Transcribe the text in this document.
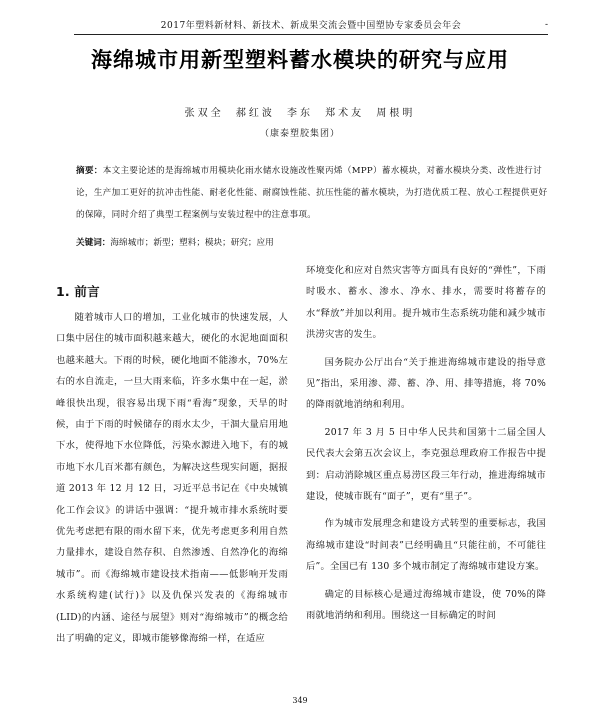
2017年塑料新材料、新技术、新成果交流会暨中国塑协专家委员会年会	-
海绵城市用新型塑料蓄水模块的研究与应用
张双全 郝红波 李东 郑术友 周根明
（康泰塑胶集团）
摘要：本文主要论述的是海绵城市用模块化雨水储水设施改性聚丙烯（MPP）蓄水模块，对蓄水模块分类、改性进行讨论，生产加工更好的抗冲击性能、耐老化性能、耐腐蚀性能、抗压性能的蓄水模块，为打造优质工程、放心工程提供更好的保障，同时介绍了典型工程案例与安装过程中的注意事项。
关键词：海绵城市；新型；塑料；模块；研究；应用
1. 前言

随着城市人口的增加，工业化城市的快速发展，人口集中居住的城市面积越来越大，硬化的水泥地面面积也越来越大。下雨的时候，硬化地面不能渗水，70%左右的水自流走，一旦大雨来临，许多水集中在一起，淤峰很快出现，很容易出现下雨“看海”现象，天旱的时候，由于下雨的时候储存的雨水太少，干涸大量启用地下水，使得地下水位降低，污染水源进入地下，有的城市地下水几百米都有颜色，为解决这些现实问题，据报道 2013 年 12 月 12 日，习近平总书记在《中央城镇化工作会议》的讲话中强调：“提升城市排水系统时要优先考虑把有限的雨水留下来，优先考虑更多利用自然力量排水，建设自然存积、自然渗透、自然净化的海绵城市”。而《海绵城市建设技术指南——低影响开发雨水系统构建(试行)》以及仇保兴发表的《海绵城市(LID)的内涵、途径与展望》则对“海绵城市”的概念给出了明确的定义，即城市能够像海绵一样，在适应

环境变化和应对自然灾害等方面具有良好的“弹性”，下雨时吸水、蓄水、渗水、净水、排水，需要时将蓄存的水“释放”并加以利用。提升城市生态系统功能和减少城市洪涝灾害的发生。

国务院办公厅出台“关于推进海绵城市建设的指导意见”指出，采用渗、滞、蓄、净、用、排等措施，将 70%的降雨就地消纳和利用。

2017 年 3 月 5 日中华人民共和国第十二届全国人民代表大会第五次会议上，李克强总理政府工作报告中提到：启动消除城区重点易涝区段三年行动，推进海绵城市建设，使城市既有“面子”，更有“里子”。

作为城市发展理念和建设方式转型的重要标志，我国海绵城市建设“时间表”已经明确且“只能往前，不可能往后”。全国已有 130 多个城市制定了海绵城市建设方案。

确定的目标核心是通过海绵城市建设，使 70%的降雨就地消纳和利用。围绕这一目标确定的时间

349
